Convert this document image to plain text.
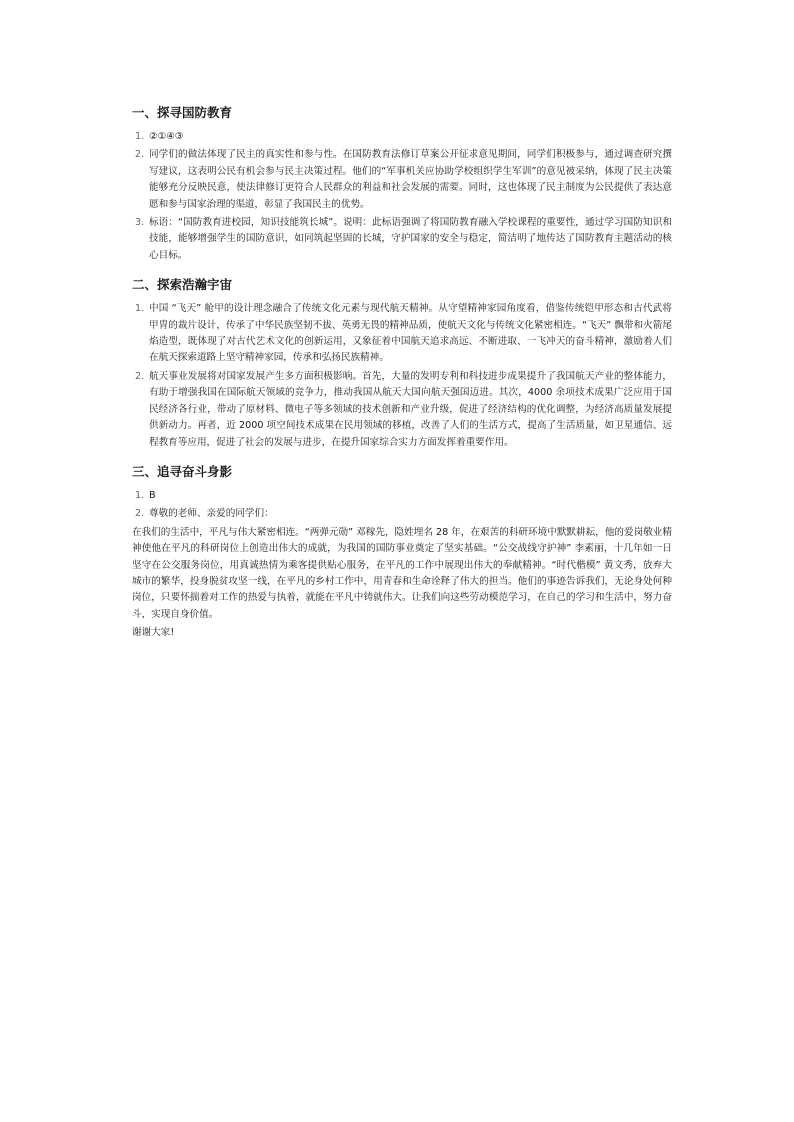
一、探寻国防教育
1. ②①④③

2. 同学们的做法体现了民主的真实性和参与性。在国防教育法修订草案公开征求意见期间，同学们积极参与，通过调查研究撰写建议，这表明公民有机会参与民主决策过程。他们的“军事机关应协助学校组织学生军训”的意见被采纳，体现了民主决策能够充分反映民意，使法律修订更符合人民群众的利益和社会发展的需要。同时，这也体现了民主制度为公民提供了表达意愿和参与国家治理的渠道，彰显了我国民主的优势。

3. 标语：“国防教育进校园，知识技能筑长城”。说明：此标语强调了将国防教育融入学校课程的重要性，通过学习国防知识和技能，能够增强学生的国防意识，如同筑起坚固的长城，守护国家的安全与稳定，简洁明了地传达了国防教育主题活动的核心目标。

二、探索浩瀚宇宙
1. 中国 “飞天” 舱甲的设计理念融合了传统文化元素与现代航天精神。从守望精神家园角度看，借鉴传统铠甲形态和古代武将甲胄的裁片设计，传承了中华民族坚韧不拔、英勇无畏的精神品质，使航天文化与传统文化紧密相连。“飞天” 飘带和火箭尾焰造型，既体现了对古代艺术文化的创新运用，又象征着中国航天追求高远、不断进取、一飞冲天的奋斗精神，激励着人们在航天探索道路上坚守精神家园，传承和弘扬民族精神。

2. 航天事业发展将对国家发展产生多方面积极影响。首先，大量的发明专利和科技进步成果提升了我国航天产业的整体能力，有助于增强我国在国际航天领域的竞争力，推动我国从航天大国向航天强国迈进。其次，4000 余项技术成果广泛应用于国民经济各行业，带动了原材料、微电子等多领域的技术创新和产业升级，促进了经济结构的优化调整，为经济高质量发展提供新动力。再者，近 2000 项空间技术成果在民用领域的移植，改善了人们的生活方式，提高了生活质量，如卫星通信、远程教育等应用，促进了社会的发展与进步，在提升国家综合实力方面发挥着重要作用。

三、追寻奋斗身影
1. B

2. 尊敬的老师、亲爱的同学们：

在我们的生活中，平凡与伟大紧密相连。“两弹元勋” 邓稼先，隐姓埋名 28 年，在艰苦的科研环境中默默耕耘，他的爱岗敬业精神使他在平凡的科研岗位上创造出伟大的成就，为我国的国防事业奠定了坚实基础。“公交战线守护神” 李素丽，十几年如一日坚守在公交服务岗位，用真诚热情为乘客提供贴心服务，在平凡的工作中展现出伟大的奉献精神。“时代楷模” 黄文秀，放弃大城市的繁华，投身脱贫攻坚一线，在平凡的乡村工作中，用青春和生命诠释了伟大的担当。他们的事迹告诉我们，无论身处何种岗位，只要怀揣着对工作的热爱与执着，就能在平凡中铸就伟大。让我们向这些劳动模范学习，在自己的学习和生活中，努力奋斗，实现自身价值。

谢谢大家!
